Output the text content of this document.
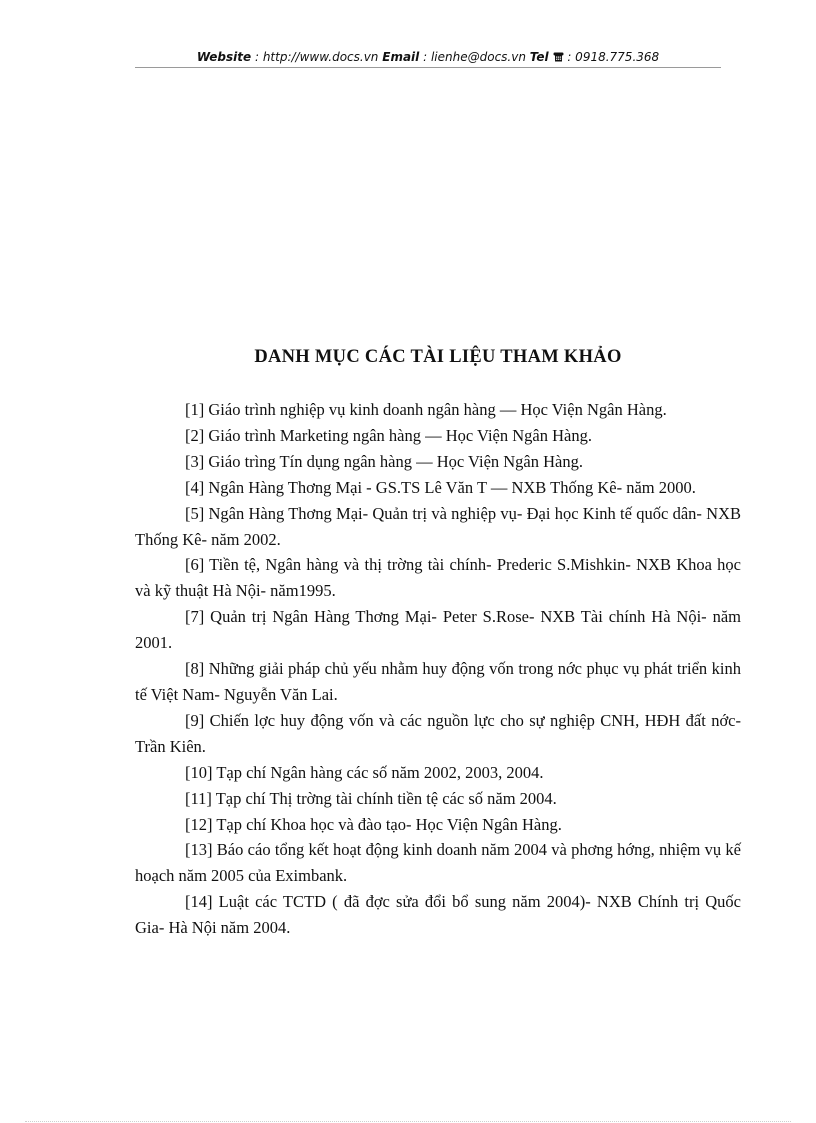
Website : http://www.docs.vn Email : lienhe@docs.vn Tel : 0918.775.368
DANH MỤC CÁC TÀI LIỆU THAM KHẢO

[1] Giáo trình nghiệp vụ kinh doanh ngân hàng — Học Viện Ngân Hàng.

[2] Giáo trình Marketing ngân hàng — Học Viện Ngân Hàng.

[3] Giáo trìng Tín dụng ngân hàng — Học Viện Ngân Hàng.

[4] Ngân Hàng Thơng Mại - GS.TS Lê Văn T — NXB Thống Kê- năm 2000.

[5] Ngân Hàng Thơng Mại- Quản trị và nghiệp vụ- Đại học Kinh tế quốc dân- NXB Thống Kê- năm 2002.

[6] Tiền tệ, Ngân hàng và thị trờng tài chính- Prederic S.Mishkin- NXB Khoa học và kỹ thuật Hà Nội- năm1995.

[7] Quản trị Ngân Hàng Thơng Mại- Peter S.Rose- NXB Tài chính Hà Nội- năm 2001.

[8] Những giải pháp chủ yếu nhằm huy động vốn trong nớc phục vụ phát triển kinh tế Việt Nam- Nguyễn Văn Lai.

[9] Chiến lợc huy động vốn và các nguồn lực cho sự nghiệp CNH, HĐH đất nớc- Trần Kiên.

[10] Tạp chí Ngân hàng các số năm 2002, 2003, 2004.

[11] Tạp chí Thị trờng tài chính tiền tệ các số năm 2004.

[12] Tạp chí Khoa học và đào tạo- Học Viện Ngân Hàng.

[13] Báo cáo tổng kết hoạt động kinh doanh năm 2004 và phơng hớng, nhiệm vụ kế hoạch năm 2005 của Eximbank.

[14] Luật các TCTD ( đã đợc sửa đổi bổ sung năm 2004)- NXB Chính trị Quốc Gia- Hà Nội năm 2004.
